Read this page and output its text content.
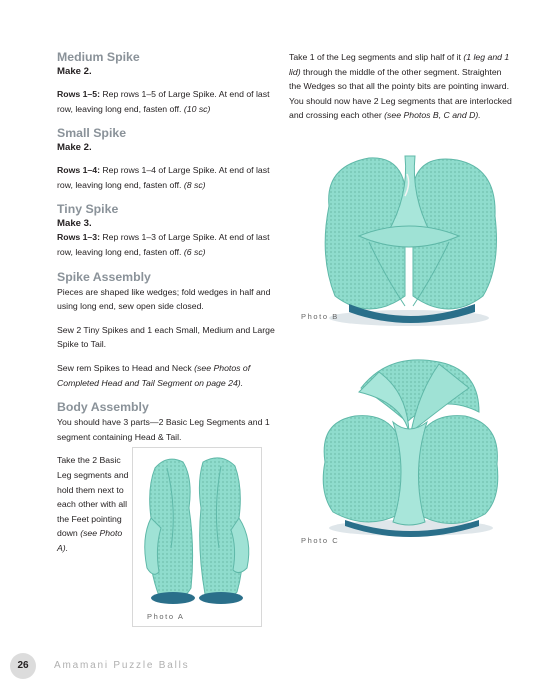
Medium Spike
Make 2.

Rows 1–5: Rep rows 1–5 of Large Spike. At end of last row, leaving long end, fasten off. (10 sc)

Small Spike
Make 2.

Rows 1–4: Rep rows 1–4 of Large Spike. At end of last row, leaving long end, fasten off. (8 sc)

Tiny Spike
Make 3.

Rows 1–3: Rep rows 1–3 of Large Spike. At end of last row, leaving long end, fasten off. (6 sc)

Spike Assembly

Pieces are shaped like wedges; fold wedges in half and using long end, sew open side closed.

Sew 2 Tiny Spikes and 1 each Small, Medium and Large Spike to Tail.

Sew rem Spikes to Head and Neck (see Photos of Completed Head and Tail Segment on page 24).

Body Assembly

You should have 3 parts—2 Basic Leg Segments and 1 segment containing Head & Tail.

Take the 2 Basic Leg segments and hold them next to each other with all the Feet pointing down (see Photo A).

Take 1 of the Leg segments and slip half of it (1 leg and 1 lid) through the middle of the other segment. Straighten the Wedges so that all the pointy bits are pointing inward. You should now have 2 Leg segments that are interlocked and crossing each other (see Photos B, C and D).

Photo B
Photo C
Photo A
26	Amamani Puzzle Balls
